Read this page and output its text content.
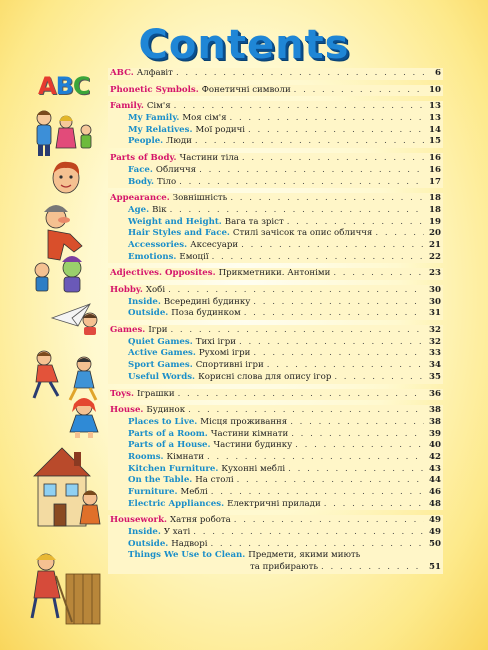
Contents
ABC ABC. Алфавіт . . .	6
Phonetic Symbols. Фонетичні символи . . .	10
Family. Сім'я . . .	13
My Family. Моя сім'я . . .	13
My Relatives. Мої родичі . . .	14
People. Люди . . .	15
Parts of Body. Частини тіла . . .	16
Face. Обличчя . . .	16
Body. Тіло . . .	17
Appearance. Зовнішність . . .	18
Age. Вік . . .	18
Weight and Height. Вага та зріст . . .	19
Hair Styles and Face. Стилі зачісок та опис обличчя . . .	20
Accessories. Аксесуари . . .	21
Emotions. Емоції . . .	22
Adjectives. Opposites. Прикметники. Антоніми . . .	23
Hobby. Хобі . . .	30
Inside. Всередині будинку . . .	30
Outside. Поза будинком . . .	31
Games. Ігри . . .	32
Quiet Games. Тихі ігри . . .	32
Active Games. Рухомі ігри . . .	33
Sport Games. Спортивні ігри . . .	34
Useful Words. Корисні слова для опису ігор . . .	35
Toys. Іграшки . . .	36
House. Будинок . . .	38
Places to Live. Місця проживання . . .	38
Parts of a Room. Частини кімнати . . .	39
Parts of a House. Частини будинку . . .	40
Rooms. Кімнати . . .	42
Kitchen Furniture. Кухонні меблі . . .	43
On the Table. На столі . . .	44
Furniture. Меблі . . .	46
Electric Appliances. Електричні прилади . . .	48
Housework. Хатня робота . . .	49
Inside. У хаті . . .	49
Outside. Надворі . . .	50
Things We Use to Clean. Предмети, якими миють
та прибирають . . .	51
